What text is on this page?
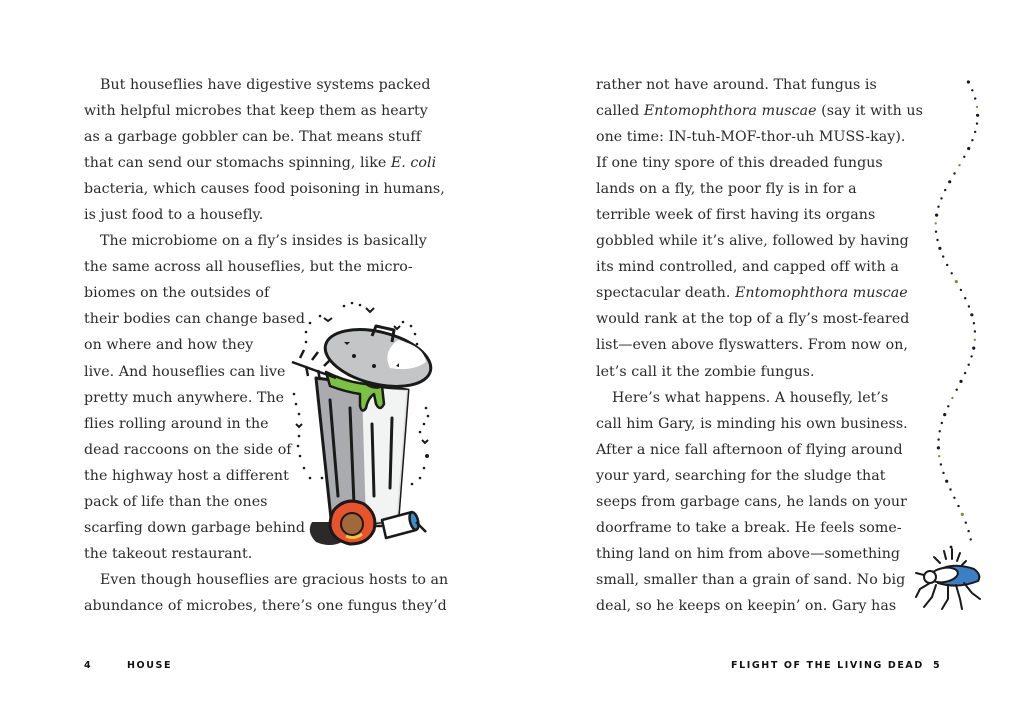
But houseflies have digestive systems packed
with helpful microbes that keep them as hearty
as a garbage gobbler can be. That means stuff
that can send our stomachs spinning, like E. coli
bacteria, which causes food poisoning in humans,
is just food to a housefly.
The microbiome on a fly’s insides is basically
the same across all houseflies, but the micro-
biomes on the outsides of
their bodies can change based
on where and how they
live. And houseflies can live
pretty much anywhere. The
flies rolling around in the
dead raccoons on the side of
the highway host a different
pack of life than the ones
scarfing down garbage behind
the takeout restaurant.
Even though houseflies are gracious hosts to an
abundance of microbes, there’s one fungus they’d
4	HOUSE
rather not have around. That fungus is
called Entomophthora muscae (say it with us
one time: IN-tuh-MOF-thor-uh MUSS-kay).
If one tiny spore of this dreaded fungus
lands on a fly, the poor fly is in for a
terrible week of first having its organs
gobbled while it’s alive, followed by having
its mind controlled, and capped off with a
spectacular death. Entomophthora muscae
would rank at the top of a fly’s most-feared
list—even above flyswatters. From now on,
let’s call it the zombie fungus.
Here’s what happens. A housefly, let’s
call him Gary, is minding his own business.
After a nice fall afternoon of flying around
your yard, searching for the sludge that
seeps from garbage cans, he lands on your
doorframe to take a break. He feels some-
thing land on him from above—something
small, smaller than a grain of sand. No big
deal, so he keeps on keepin’ on. Gary has
FLIGHT OF THE LIVING DEAD 5
